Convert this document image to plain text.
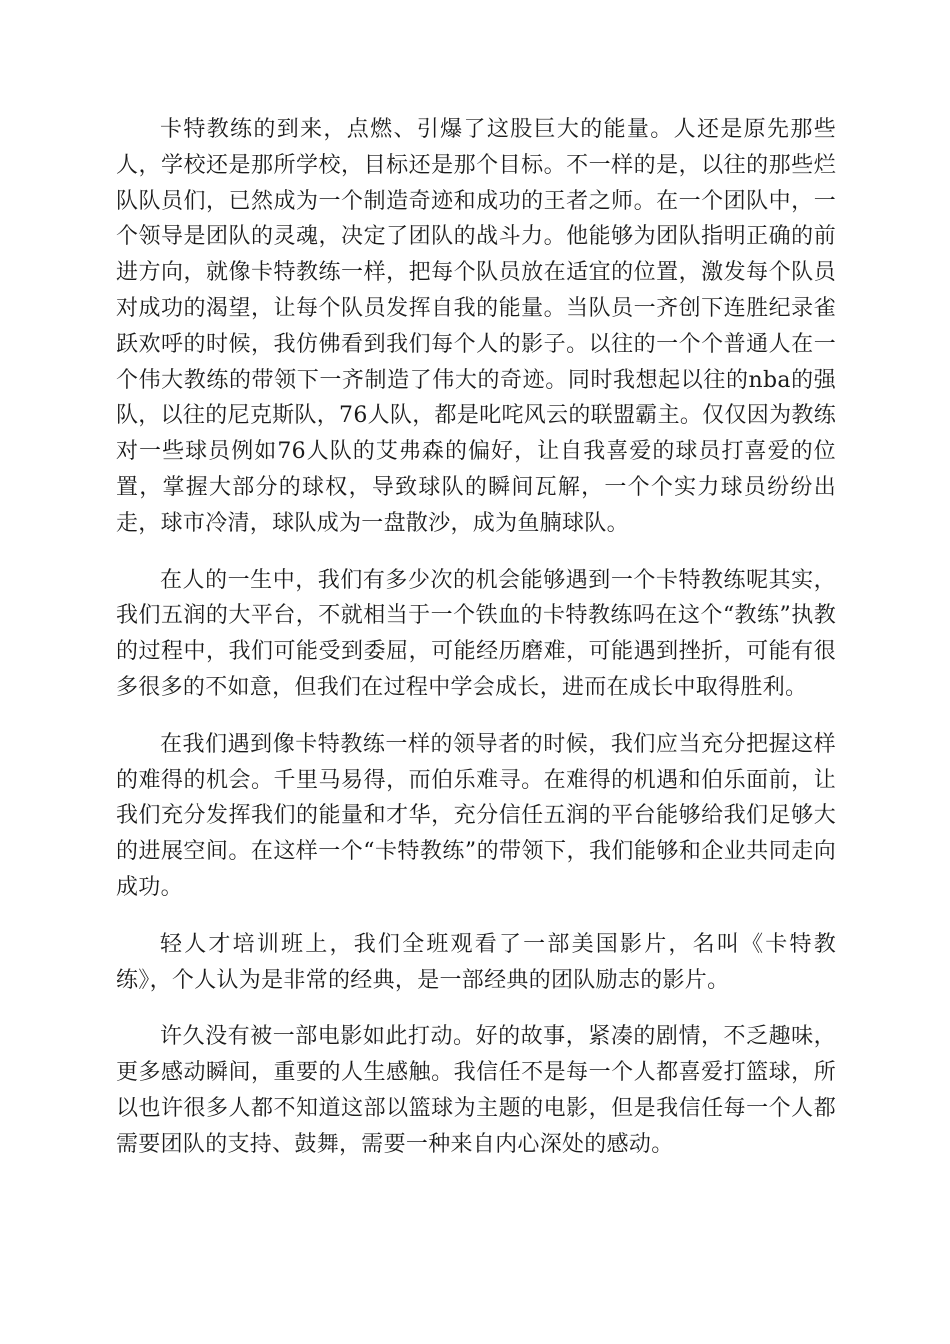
卡特教练的到来，点燃、引爆了这股巨大的能量。人还是原先那些人，学校还是那所学校，目标还是那个目标。不一样的是，以往的那些烂队队员们，已然成为一个制造奇迹和成功的王者之师。在一个团队中，一个领导是团队的灵魂，决定了团队的战斗力。他能够为团队指明正确的前进方向，就像卡特教练一样，把每个队员放在适宜的位置，激发每个队员对成功的渴望，让每个队员发挥自我的能量。当队员一齐创下连胜纪录雀跃欢呼的时候，我仿佛看到我们每个人的影子。以往的一个个普通人在一个伟大教练的带领下一齐制造了伟大的奇迹。同时我想起以往的nba的强队，以往的尼克斯队，76人队，都是叱咤风云的联盟霸主。仅仅因为教练对一些球员例如76人队的艾弗森的偏好，让自我喜爱的球员打喜爱的位置，掌握大部分的球权，导致球队的瞬间瓦解，一个个实力球员纷纷出走，球市冷清，球队成为一盘散沙，成为鱼腩球队。

在人的一生中，我们有多少次的机会能够遇到一个卡特教练呢其实，我们五润的大平台，不就相当于一个铁血的卡特教练吗在这个“教练”执教的过程中，我们可能受到委屈，可能经历磨难，可能遇到挫折，可能有很多很多的不如意，但我们在过程中学会成长，进而在成长中取得胜利。

在我们遇到像卡特教练一样的领导者的时候，我们应当充分把握这样的难得的机会。千里马易得，而伯乐难寻。在难得的机遇和伯乐面前，让我们充分发挥我们的能量和才华，充分信任五润的平台能够给我们足够大的进展空间。在这样一个“卡特教练”的带领下，我们能够和企业共同走向成功。

轻人才培训班上，我们全班观看了一部美国影片，名叫《卡特教练》，个人认为是非常的经典，是一部经典的团队励志的影片。

许久没有被一部电影如此打动。好的故事，紧凑的剧情，不乏趣味，更多感动瞬间，重要的人生感触。我信任不是每一个人都喜爱打篮球，所以也许很多人都不知道这部以篮球为主题的电影，但是我信任每一个人都需要团队的支持、鼓舞，需要一种来自内心深处的感动。
